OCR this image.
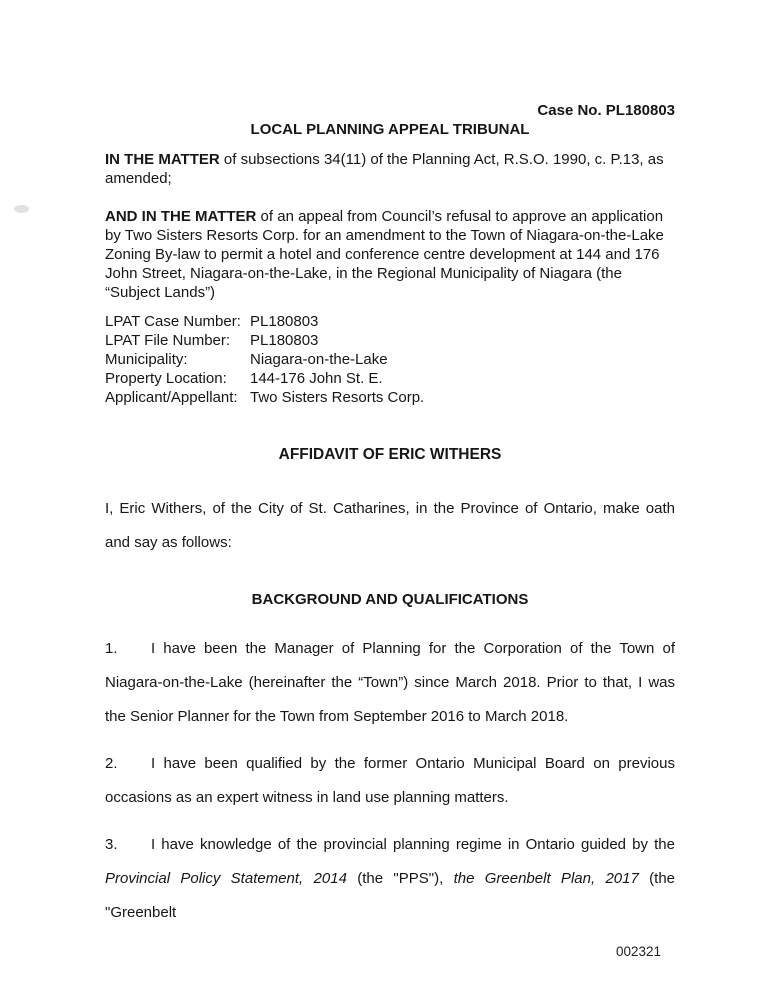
Case No. PL180803
LOCAL PLANNING APPEAL TRIBUNAL

IN THE MATTER of subsections 34(11) of the Planning Act, R.S.O. 1990, c. P.13, as amended;

AND IN THE MATTER of an appeal from Council’s refusal to approve an application by Two Sisters Resorts Corp. for an amendment to the Town of Niagara-on-the-Lake Zoning By-law to permit a hotel and conference centre development at 144 and 176 John Street, Niagara-on-the-Lake, in the Regional Municipality of Niagara (the “Subject Lands”)

LPAT Case Number:	PL180803
LPAT File Number:	PL180803
Municipality:	Niagara-on-the-Lake
Property Location:	144-176 John St. E.
Applicant/Appellant:	Two Sisters Resorts Corp.
AFFIDAVIT OF ERIC WITHERS

I, Eric Withers, of the City of St. Catharines, in the Province of Ontario, make oath and say as follows:

BACKGROUND AND QUALIFICATIONS

1. I have been the Manager of Planning for the Corporation of the Town of Niagara-on-the-Lake (hereinafter the “Town”) since March 2018. Prior to that, I was the Senior Planner for the Town from September 2016 to March 2018.

2. I have been qualified by the former Ontario Municipal Board on previous occasions as an expert witness in land use planning matters.

3. I have knowledge of the provincial planning regime in Ontario guided by the Provincial Policy Statement, 2014 (the "PPS"), the Greenbelt Plan, 2017 (the "Greenbelt

002321
